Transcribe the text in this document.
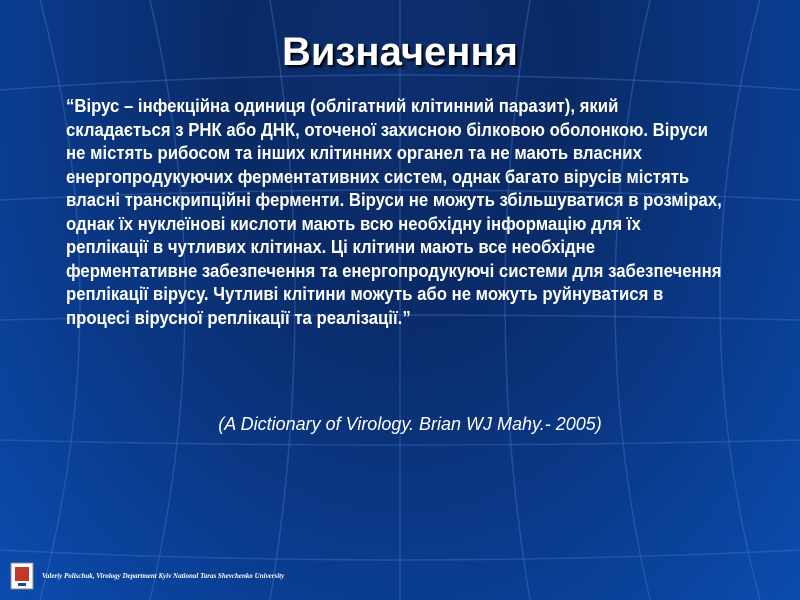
Визначення

“Вірус – інфекційна одиниця (облігатний клітинний паразит), який складається з РНК або ДНК, оточеної захисною білковою оболонкою. Віруси не містять рибосом та інших клітинних органел та не мають власних енергопродукуючих ферментативних систем, однак багато вірусів містять власні транскрипційні ферменти. Віруси не можуть збільшуватися в розмірах, однак їх нуклеїнові кислоти мають всю необхідну інформацію для їх реплікації в чутливих клітинах. Ці клітини мають все необхідне ферментативне забезпечення та енергопродукуючі системи для забезпечення реплікації вірусу. Чутливі клітини можуть або не можуть руйнуватися в процесі вірусної реплікації та реалізації.”

(A Dictionary of Virology. Brian WJ Mahy.- 2005)
Valeriy Polischuk, Virology Department Kyiv National Taras Shevchenko University
